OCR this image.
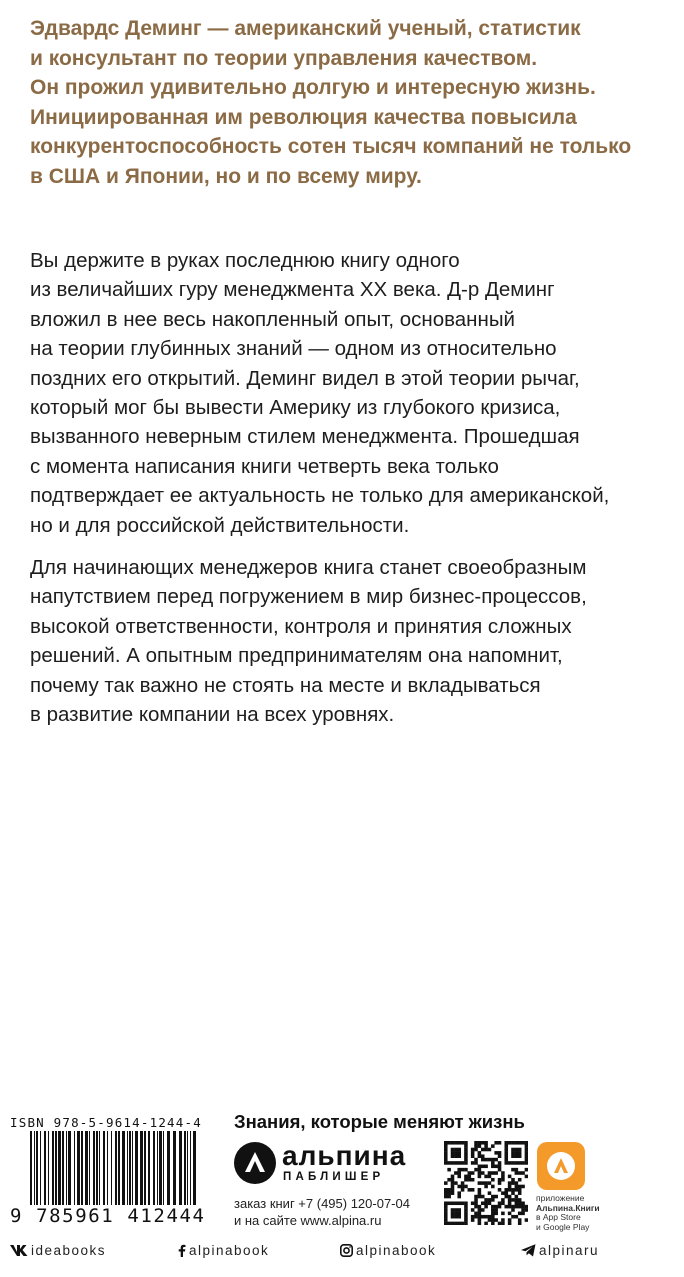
Эдвардс Деминг — американский ученый, статистик
и консультант по теории управления качеством.
Он прожил удивительно долгую и интересную жизнь.
Инициированная им революция качества повысила
конкурентоспособность сотен тысяч компаний не только
в США и Японии, но и по всему миру.
Вы держите в руках последнюю книгу одного
из величайших гуру менеджмента XX века. Д-р Деминг
вложил в нее весь накопленный опыт, основанный
на теории глубинных знаний — одном из относительно
поздних его открытий. Деминг видел в этой теории рычаг,
который мог бы вывести Америку из глубокого кризиса,
вызванного неверным стилем менеджмента. Прошедшая
с момента написания книги четверть века только
подтверждает ее актуальность не только для американской,
но и для российской действительности.
Для начинающих менеджеров книга станет своеобразным
напутствием перед погружением в мир бизнес-процессов,
высокой ответственности, контроля и принятия сложных
решений. А опытным предпринимателям она напомнит,
почему так важно не стоять на месте и вкладываться
в развитие компании на всех уровнях.
ISBN 978-5-9614-1244-4
9 785961 412444
Знания, которые меняют жизнь
альпина
ПАБЛИШЕР
заказ книг +7 (495) 120-07-04
и на сайте www.alpina.ru
приложение
Альпина.Книги
в App Store
и Google Play
ideabooks	alpinabook	alpinabook	alpinaru
